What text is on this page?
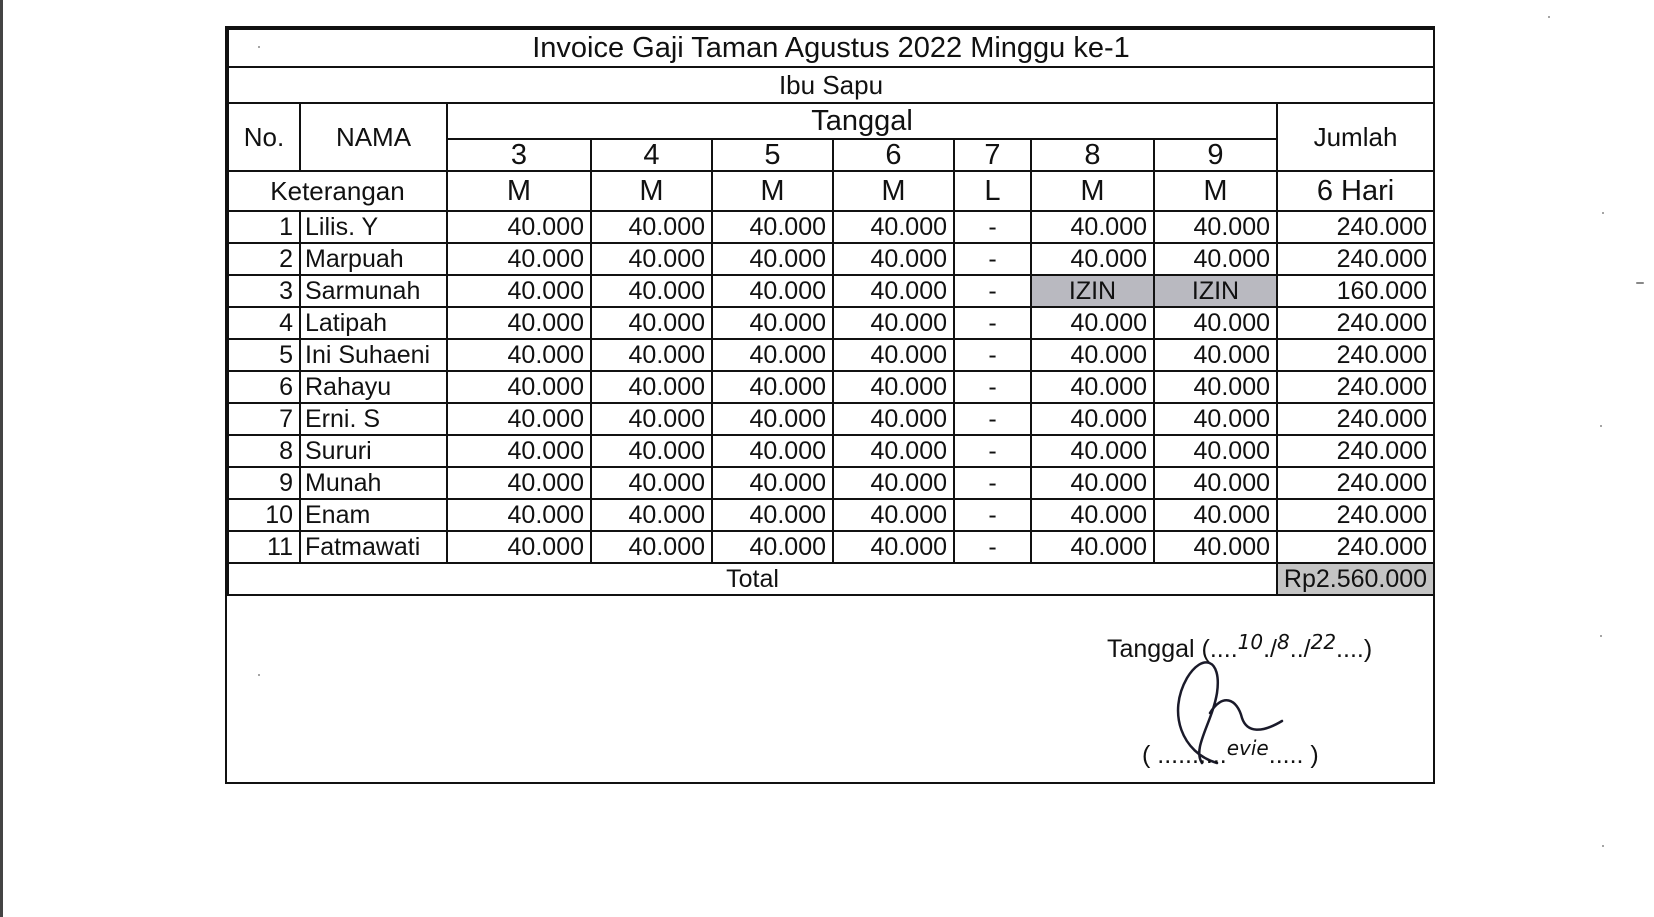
Invoice Gaji Taman Agustus 2022 Minggu ke-1									
Ibu Sapu									
No.	NAMA	Tanggal							Jumlah
		3	4	5	6	7	8	9	
Keterangan		M	M	M	M	L	M	M	6 Hari
1	Lilis. Y	40.000	40.000	40.000	40.000	-	40.000	40.000	240.000
2	Marpuah	40.000	40.000	40.000	40.000	-	40.000	40.000	240.000
3	Sarmunah	40.000	40.000	40.000	40.000	-	IZIN	IZIN	160.000
4	Latipah	40.000	40.000	40.000	40.000	-	40.000	40.000	240.000
5	Ini Suhaeni	40.000	40.000	40.000	40.000	-	40.000	40.000	240.000
6	Rahayu	40.000	40.000	40.000	40.000	-	40.000	40.000	240.000
7	Erni. S	40.000	40.000	40.000	40.000	-	40.000	40.000	240.000
8	Sururi	40.000	40.000	40.000	40.000	-	40.000	40.000	240.000
9	Munah	40.000	40.000	40.000	40.000	-	40.000	40.000	240.000
10	Enam	40.000	40.000	40.000	40.000	-	40.000	40.000	240.000
11	Fatmawati	40.000	40.000	40.000	40.000	-	40.000	40.000	240.000
Total									Rp2.560.000
Tanggal (....$^{10}$./$^8$../$^{22}$....)
( ..........$^{evie}$..... )
